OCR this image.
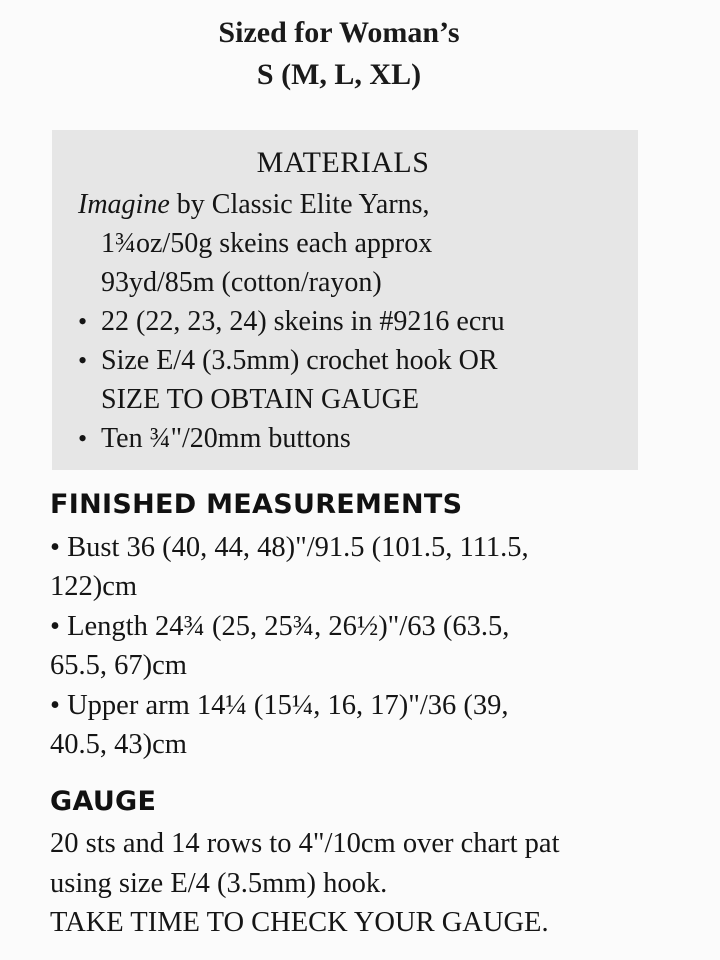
Sized for Woman’s
S (M, L, XL)
MATERIALS
Imagine by Classic Elite Yarns,
1¾oz/50g skeins each approx
93yd/85m (cotton/rayon)
• 22 (22, 23, 24) skeins in #9216 ecru
• Size E/4 (3.5mm) crochet hook OR
SIZE TO OBTAIN GAUGE
• Ten ¾"/20mm buttons
FINISHED MEASUREMENTS
• Bust 36 (40, 44, 48)"/91.5 (101.5, 111.5,
122)cm
• Length 24¾ (25, 25¾, 26½)"/63 (63.5,
65.5, 67)cm
• Upper arm 14¼ (15¼, 16, 17)"/36 (39,
40.5, 43)cm
GAUGE
20 sts and 14 rows to 4"/10cm over chart pat
using size E/4 (3.5mm) hook.
TAKE TIME TO CHECK YOUR GAUGE.
